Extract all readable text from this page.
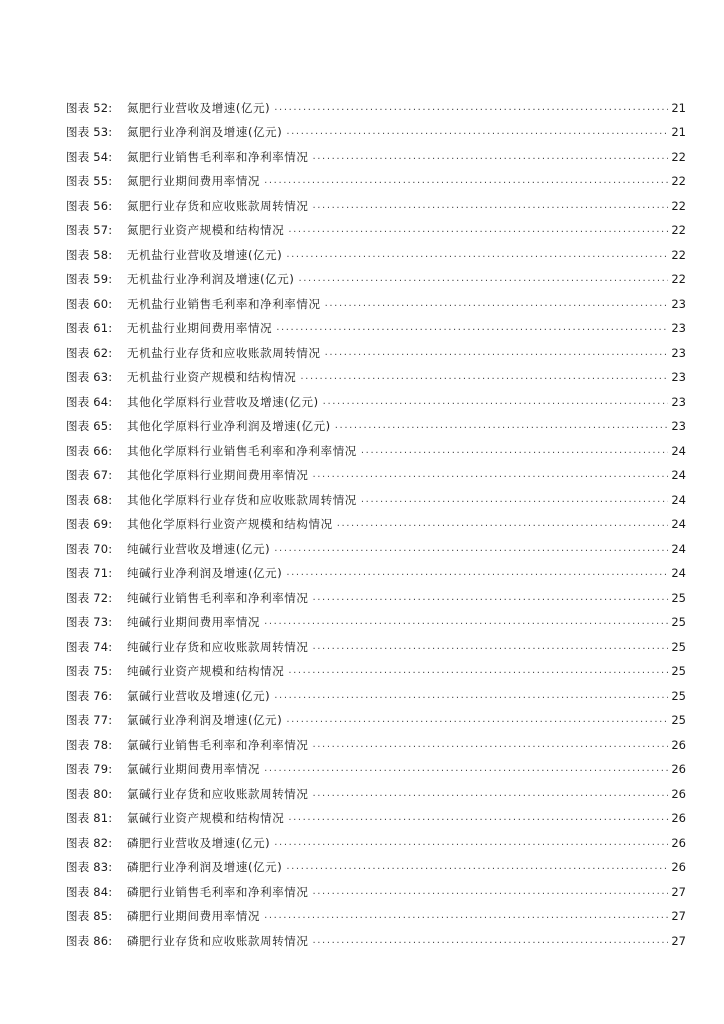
图表 52:	氮肥行业营收及增速(亿元) .....	21
图表 53:	氮肥行业净利润及增速(亿元) .....	21
图表 54:	氮肥行业销售毛利率和净利率情况 .....	22
图表 55:	氮肥行业期间费用率情况 .....	22
图表 56:	氮肥行业存货和应收账款周转情况 .....	22
图表 57:	氮肥行业资产规模和结构情况 .....	22
图表 58:	无机盐行业营收及增速(亿元) .....	22
图表 59:	无机盐行业净利润及增速(亿元) .....	22
图表 60:	无机盐行业销售毛利率和净利率情况 .....	23
图表 61:	无机盐行业期间费用率情况 .....	23
图表 62:	无机盐行业存货和应收账款周转情况 .....	23
图表 63:	无机盐行业资产规模和结构情况 .....	23
图表 64:	其他化学原料行业营收及增速(亿元) .....	23
图表 65:	其他化学原料行业净利润及增速(亿元) .....	23
图表 66:	其他化学原料行业销售毛利率和净利率情况 .....	24
图表 67:	其他化学原料行业期间费用率情况 .....	24
图表 68:	其他化学原料行业存货和应收账款周转情况 .....	24
图表 69:	其他化学原料行业资产规模和结构情况 .....	24
图表 70:	纯碱行业营收及增速(亿元) .....	24
图表 71:	纯碱行业净利润及增速(亿元) .....	24
图表 72:	纯碱行业销售毛利率和净利率情况 .....	25
图表 73:	纯碱行业期间费用率情况 .....	25
图表 74:	纯碱行业存货和应收账款周转情况 .....	25
图表 75:	纯碱行业资产规模和结构情况 .....	25
图表 76:	氯碱行业营收及增速(亿元) .....	25
图表 77:	氯碱行业净利润及增速(亿元) .....	25
图表 78:	氯碱行业销售毛利率和净利率情况 .....	26
图表 79:	氯碱行业期间费用率情况 .....	26
图表 80:	氯碱行业存货和应收账款周转情况 .....	26
图表 81:	氯碱行业资产规模和结构情况 .....	26
图表 82:	磷肥行业营收及增速(亿元) .....	26
图表 83:	磷肥行业净利润及增速(亿元) .....	26
图表 84:	磷肥行业销售毛利率和净利率情况 .....	27
图表 85:	磷肥行业期间费用率情况 .....	27
图表 86:	磷肥行业存货和应收账款周转情况 .....	27
